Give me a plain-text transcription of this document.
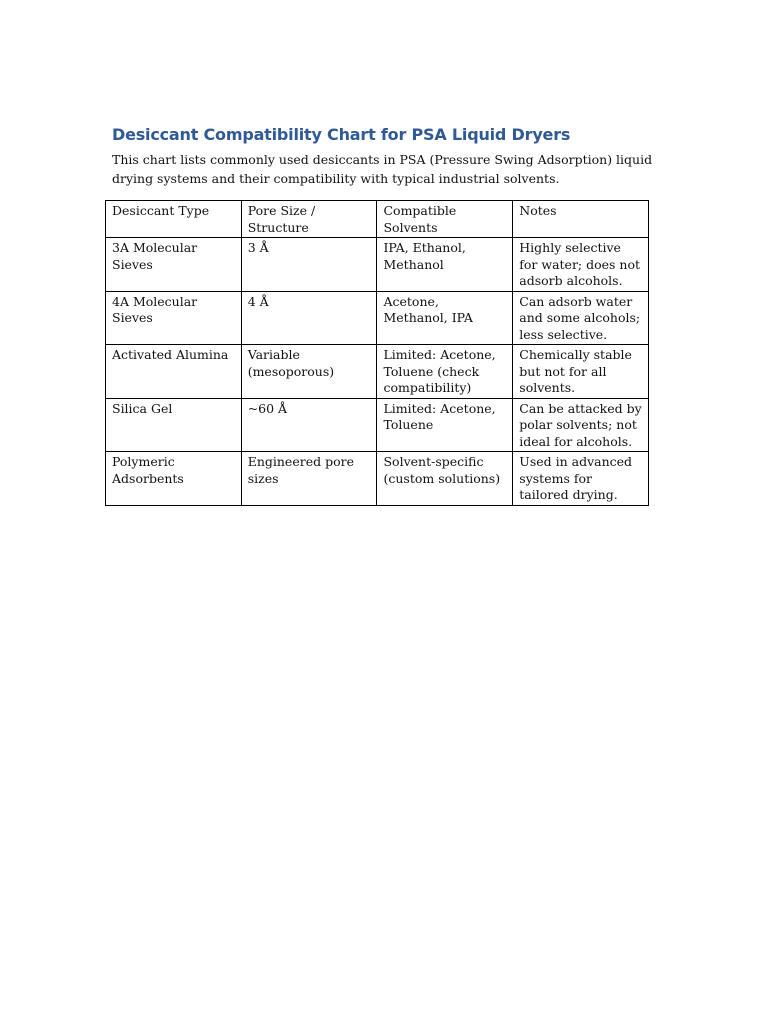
Desiccant Compatibility Chart for PSA Liquid Dryers

This chart lists commonly used desiccants in PSA (Pressure Swing Adsorption) liquid drying systems and their compatibility with typical industrial solvents.

Desiccant Type	Pore Size / Structure	Compatible Solvents	Notes
3A Molecular Sieves	3 Å	IPA, Ethanol, Methanol	Highly selective for water; does not adsorb alcohols.
4A Molecular Sieves	4 Å	Acetone, Methanol, IPA	Can adsorb water and some alcohols; less selective.
Activated Alumina	Variable (mesoporous)	Limited: Acetone, Toluene (check compatibility)	Chemically stable but not for all solvents.
Silica Gel	~60 Å	Limited: Acetone, Toluene	Can be attacked by polar solvents; not ideal for alcohols.
Polymeric Adsorbents	Engineered pore sizes	Solvent-specific (custom solutions)	Used in advanced systems for tailored drying.
